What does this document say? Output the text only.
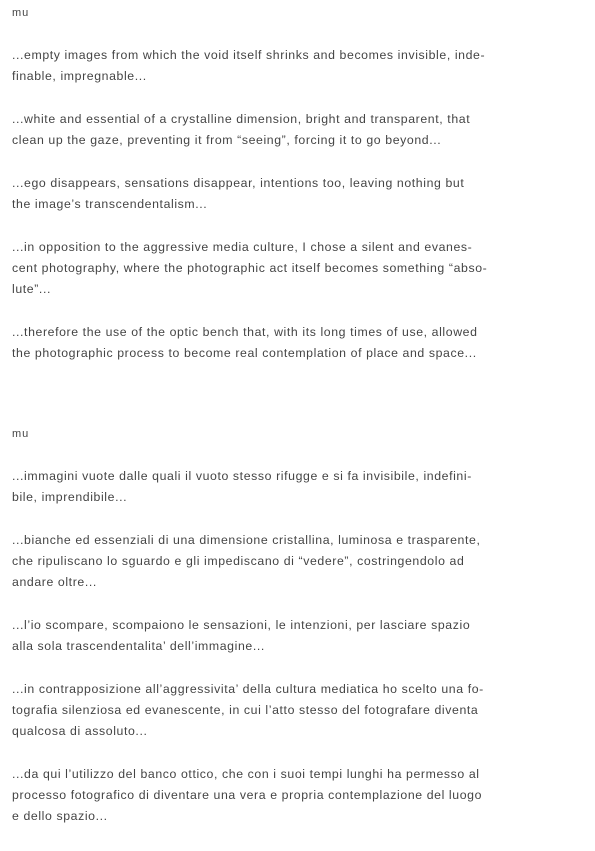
mu

...empty images from which the void itself shrinks and becomes invisible, inde-
finable, impregnable...

...white and essential of a crystalline dimension, bright and transparent, that
clean up the gaze, preventing it from “seeing”, forcing it to go beyond...

...ego disappears, sensations disappear, intentions too, leaving nothing but
the image’s transcendentalism...

...in opposition to the aggressive media culture, I chose a silent and evanes-
cent photography, where the photographic act itself becomes something “abso-
lute”...

...therefore the use of the optic bench that, with its long times of use, allowed
the photographic process to become real contemplation of place and space...

mu

...immagini vuote dalle quali il vuoto stesso rifugge e si fa invisibile, indefini-
bile, imprendibile...

...bianche ed essenziali di una dimensione cristallina, luminosa e trasparente,
che ripuliscano lo sguardo e gli impediscano di “vedere”, costringendolo ad
andare oltre...

...l’io scompare, scompaiono le sensazioni, le intenzioni, per lasciare spazio
alla sola trascendentalita’ dell’immagine...

...in contrapposizione all’aggressivita’ della cultura mediatica ho scelto una fo-
tografia silenziosa ed evanescente, in cui l’atto stesso del fotografare diventa
qualcosa di assoluto...

...da qui l’utilizzo del banco ottico, che con i suoi tempi lunghi ha permesso al
processo fotografico di diventare una vera e propria contemplazione del luogo
e dello spazio...
